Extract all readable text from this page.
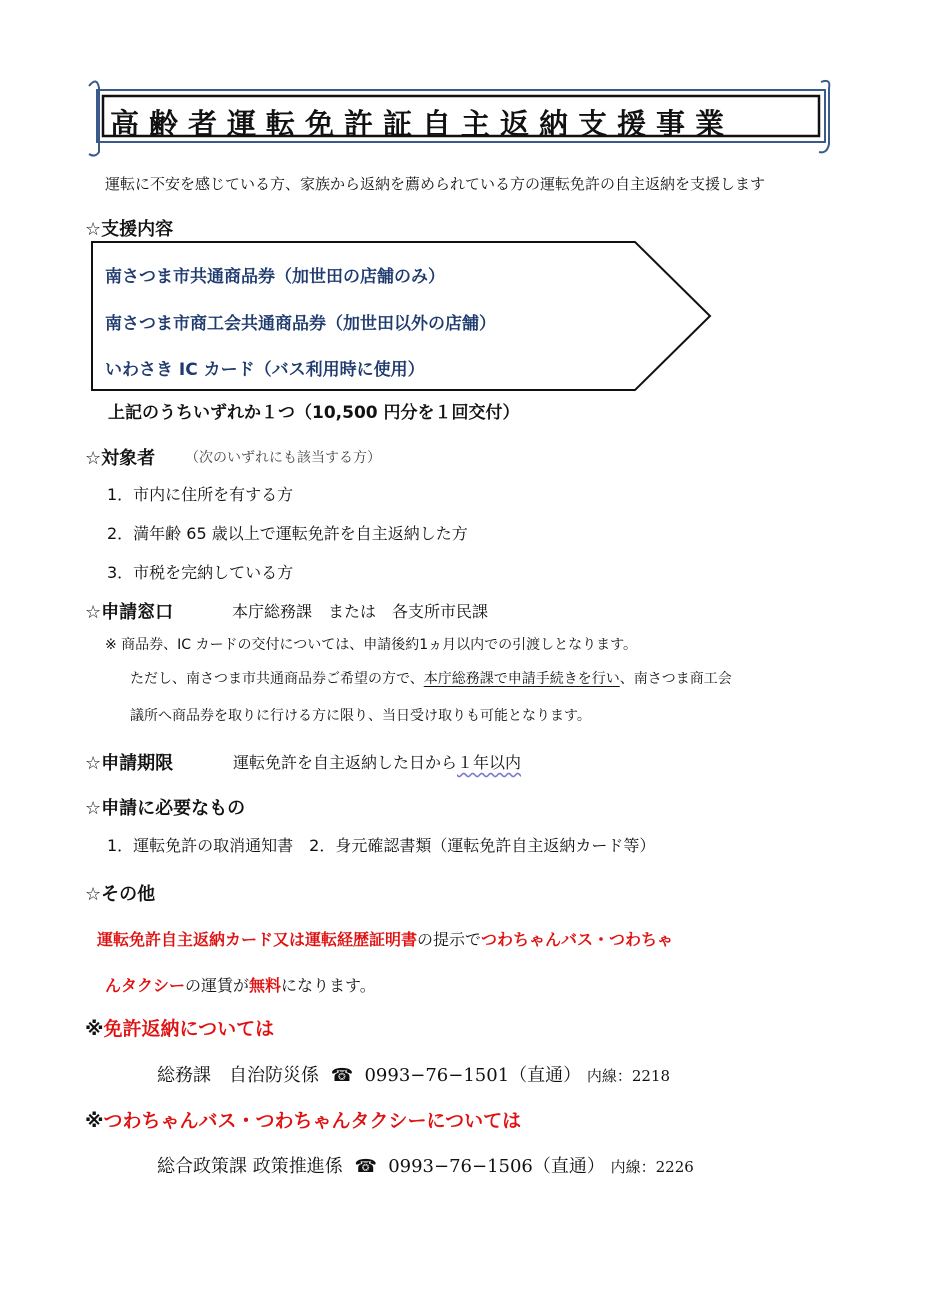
高齢者運転免許証自主返納支援事業
運転に不安を感じている方、家族から返納を薦められている方の運転免許の自主返納を支援します
☆支援内容
南さつま市共通商品券（加世田の店舗のみ）
南さつま市商工会共通商品券（加世田以外の店舗）
いわさき IC カード（バス利用時に使用）
上記のうちいずれか１つ（10,500 円分を１回交付）
☆対象者 （次のいずれにも該当する方）
1．市内に住所を有する方
2．満年齢 65 歳以上で運転免許を自主返納した方
3．市税を完納している方
☆申請窓口	本庁総務課　または　各支所市民課
※ 商品券、IC カードの交付については、申請後約1ヵ月以内での引渡しとなります。
ただし、南さつま市共通商品券ご希望の方で、本庁総務課で申請手続きを行い、南さつま商工会
議所へ商品券を取りに行ける方に限り、当日受け取りも可能となります。
☆申請期限	運転免許を自主返納した日から１年以内
☆申請に必要なもの
1．運転免許の取消通知書　2．身元確認書類（運転免許自主返納カード等）
☆その他
運転免許自主返納カード又は運転経歴証明書の提示でつわちゃんバス・つわちゃ
んタクシーの運賃が無料になります。
※免許返納については
総務課　自治防災係 ☎ 0993−76−1501（直通） 内線：2218
※つわちゃんバス・つわちゃんタクシーについては
総合政策課 政策推進係 ☎ 0993−76−1506（直通） 内線：2226
